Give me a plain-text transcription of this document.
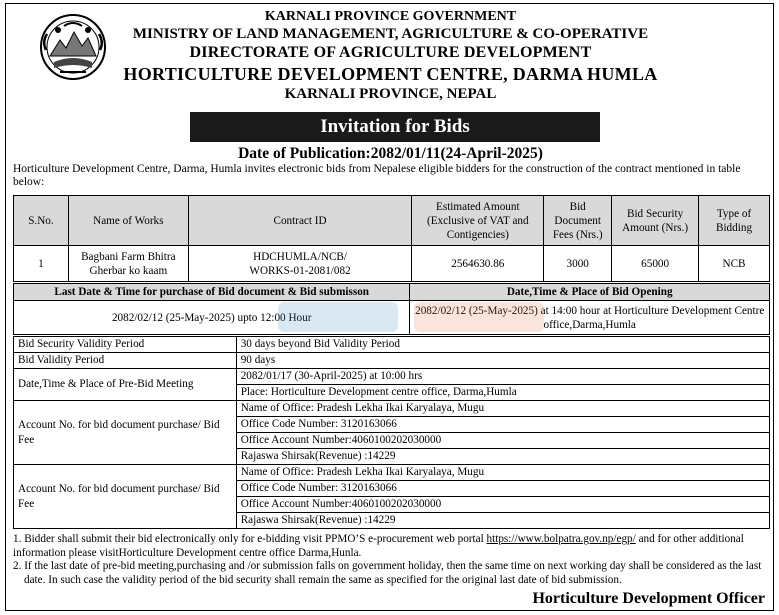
KARNALI PROVINCE GOVERNMENT
MINISTRY OF LAND MANAGEMENT, AGRICULTURE & CO-OPERATIVE
DIRECTORATE OF AGRICULTURE DEVELOPMENT
HORTICULTURE DEVELOPMENT CENTRE, DARMA HUMLA
KARNALI PROVINCE, NEPAL
Invitation for Bids
Date of Publication:2082/01/11(24-April-2025)
Horticulture Development Centre, Darma, Humla invites electronic bids from Nepalese eligible bidders for the construction of the contract mentioned in table below:
S.No.	Name of Works	Contract ID	Estimated Amount (Exclusive of VAT and Contigencies)	Bid Document Fees (Nrs.)	Bid Security Amount (Nrs.)	Type of Bidding
1	Bagbani Farm Bhitra Gherbar ko kaam	HDCHUMLA/NCB/
WORKS-01-2081/082	2564630.86	3000	65000	NCB
Last Date & Time for purchase of Bid document & Bid submisson	Date,Time & Place of Bid Opening
2082/02/12 (25-May-2025) upto 12:00 Hour	2082/02/12 (25-May-2025) at 14:00 hour at Horticulture Development Centre office,Darma,Humla
Bid Security Validity Period	30 days beyond Bid Validity Period
Bid Validity Period	90 days
Date,Time & Place of Pre-Bid Meeting	2082/01/17 (30-April-2025) at 10:00 hrs
	Place: Horticulture Development centre office, Darma,Humla
Account No. for bid document purchase/ Bid Fee	Name of Office: Pradesh Lekha Ikai Karyalaya, Mugu
	Office Code Number: 3120163066
	Office Account Number:4060100202030000
	Rajaswa Shirsak(Revenue) :14229
Account No. for bid document purchase/ Bid Fee	Name of Office: Pradesh Lekha Ikai Karyalaya, Mugu
	Office Code Number: 3120163066
	Office Account Number:4060100202030000
	Rajaswa Shirsak(Revenue) :14229
1. Bidder shall submit their bid electronically only for e-bidding visit PPMO’S e-procurement web portal https://www.bolpatra.gov.np/egp/ and for other additional information please visitHorticulture Development centre office Darma,Hunla.
2. If the last date of pre-bid meeting,purchasing and /or submission falls on government holiday, then the same time on next working day shall be considered as the last date. In such case the validity period of the bid security shall remain the same as specified for the original last date of bid submission.
Horticulture Development Officer
